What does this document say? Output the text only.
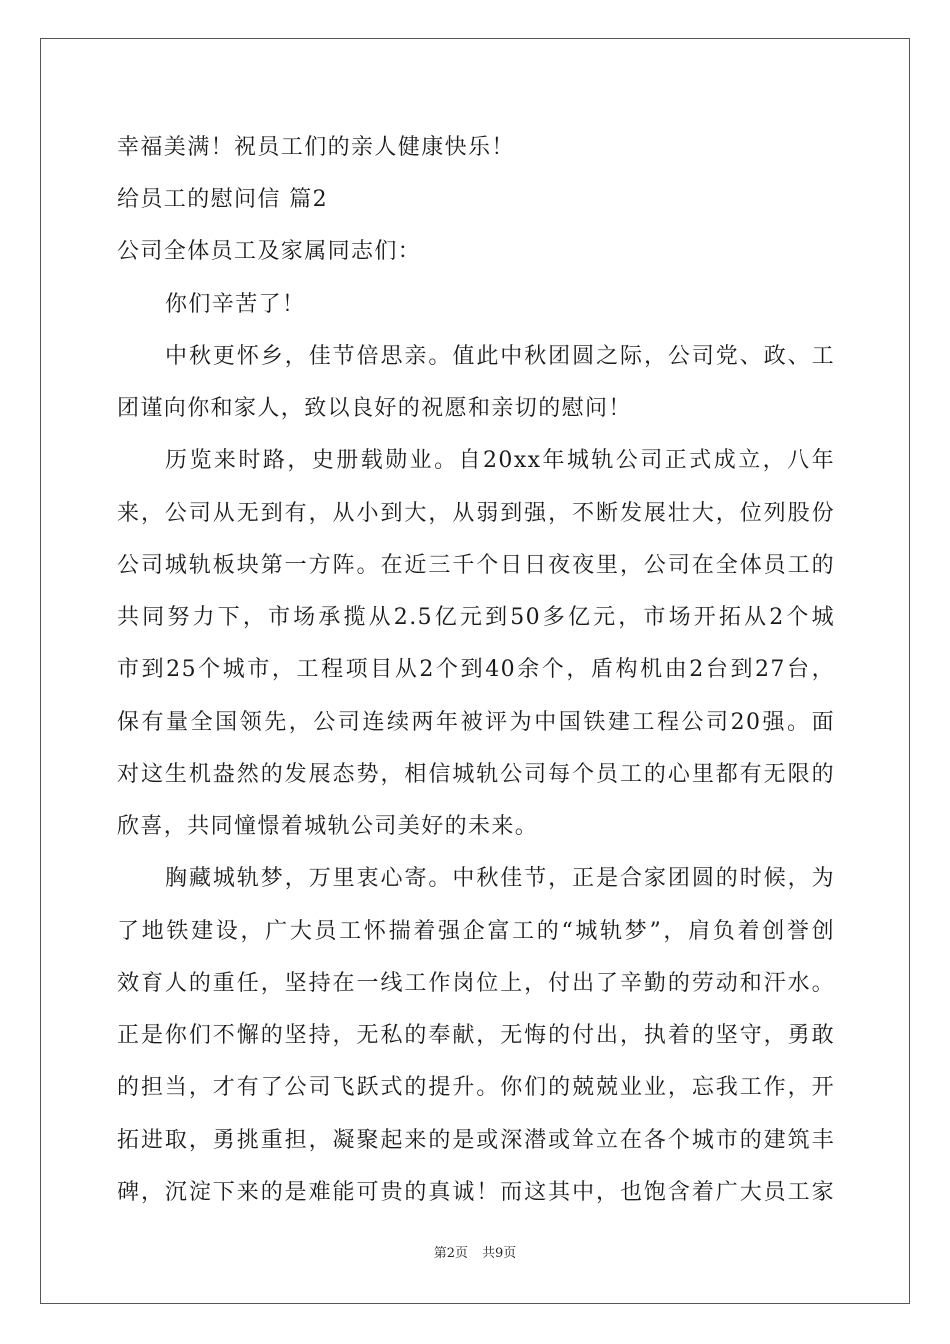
幸福美满！祝员工们的亲人健康快乐！
给员工的慰问信 篇2
公司全体员工及家属同志们：
你们辛苦了！
中秋更怀乡，佳节倍思亲。值此中秋团圆之际，公司党、政、工
团谨向你和家人，致以良好的祝愿和亲切的慰问！
历览来时路，史册载勋业。自20xx年城轨公司正式成立，八年
来，公司从无到有，从小到大，从弱到强，不断发展壮大，位列股份
公司城轨板块第一方阵。在近三千个日日夜夜里，公司在全体员工的
共同努力下，市场承揽从2.5亿元到50多亿元，市场开拓从2个城
市到25个城市，工程项目从2个到40余个，盾构机由2台到27台，
保有量全国领先，公司连续两年被评为中国铁建工程公司20强。面
对这生机盎然的发展态势，相信城轨公司每个员工的心里都有无限的
欣喜，共同憧憬着城轨公司美好的未来。
胸藏城轨梦，万里衷心寄。中秋佳节，正是合家团圆的时候，为
了地铁建设，广大员工怀揣着强企富工的“城轨梦”，肩负着创誉创
效育人的重任，坚持在一线工作岗位上，付出了辛勤的劳动和汗水。
正是你们不懈的坚持，无私的奉献，无悔的付出，执着的坚守，勇敢
的担当，才有了公司飞跃式的提升。你们的兢兢业业，忘我工作，开
拓进取，勇挑重担，凝聚起来的是或深潜或耸立在各个城市的建筑丰
碑，沉淀下来的是难能可贵的真诚！而这其中，也饱含着广大员工家
第2页 共9页
